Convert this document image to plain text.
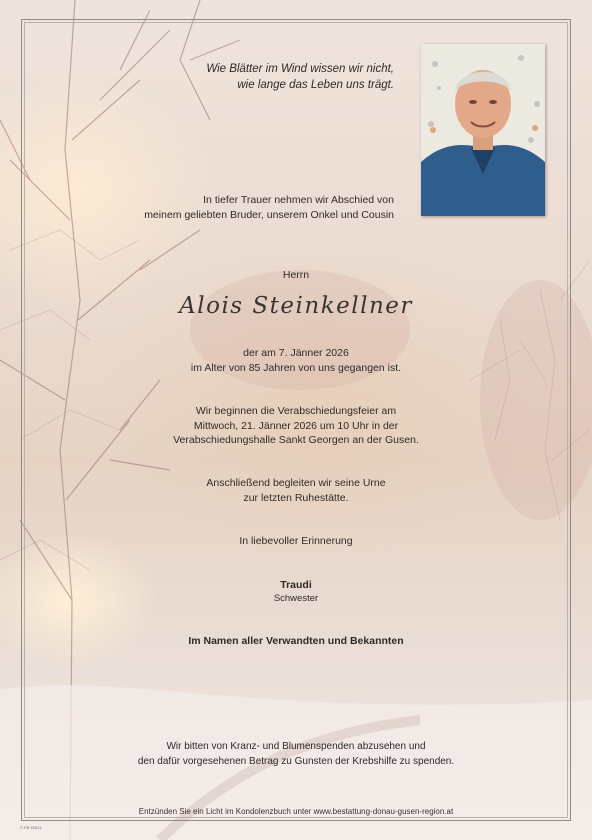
Wie Blätter im Wind wissen wir nicht,
wie lange das Leben uns trägt.
In tiefer Trauer nehmen wir Abschied von
meinem geliebten Bruder, unserem Onkel und Cousin
Herrn
Alois Steinkellner
der am 7. Jänner 2026
im Alter von 85 Jahren von uns gegangen ist.
Wir beginnen die Verabschiedungsfeier am
Mittwoch, 21. Jänner 2026 um 10 Uhr in der
Verabschiedungshalle Sankt Georgen an der Gusen.
Anschließend begleiten wir seine Urne
zur letzten Ruhestätte.
In liebevoller Erinnerung
Traudi
Schwester
Im Namen aller Verwandten und Bekannten
Wir bitten von Kranz- und Blumenspenden abzusehen und
den dafür vorgesehenen Betrag zu Gunsten der Krebshilfe zu spenden.
Entzünden Sie ein Licht im Kondolenzbuch unter www.bestattung-donau-gusen-region.at
© PB 65014
